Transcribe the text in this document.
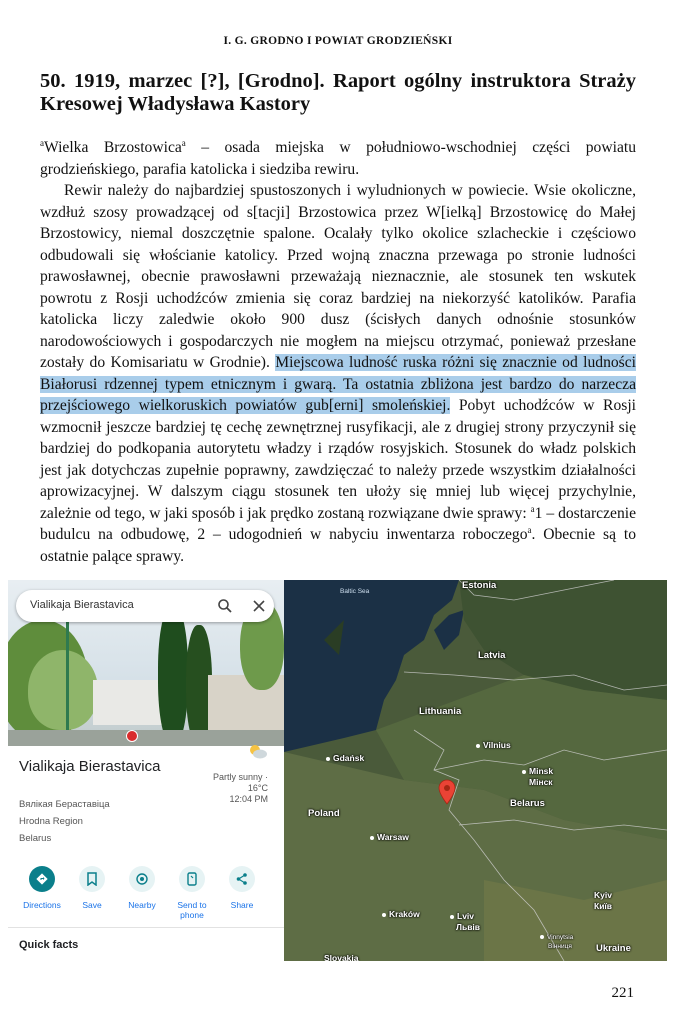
I. G. GRODNO I POWIAT GRODZIEŃSKI
50. 1919, marzec [?], [Grodno]. Raport ogólny instruktora Straży Kresowej Władysława Kastory

$^a$Wielka Brzostowica$^a$ – osada miejska w południowo-wschodniej części powiatu grodzieńskiego, parafia katolicka i siedziba rewiru.

Rewir należy do najbardziej spustoszonych i wyludnionych w powiecie. Wsie okoliczne, wzdłuż szosy prowadzącej od s[tacji] Brzostowica przez W[ielką] Brzostowicę do Małej Brzostowicy, niemal doszczętnie spalone. Ocalały tylko okolice szlacheckie i częściowo odbudowali się włościanie katolicy. Przed wojną znaczna przewaga po stronie ludności prawosławnej, obecnie prawosławni przeważają nieznacznie, ale stosunek ten wskutek powrotu z Rosji uchodźców zmienia się coraz bardziej na niekorzyść katolików. Parafia katolicka liczy zaledwie około 900 dusz (ścisłych danych odnośnie stosunków narodowościowych i gospodarczych nie mogłem na miejscu otrzymać, ponieważ przesłane zostały do Komisariatu w Grodnie). Miejscowa ludność ruska różni się znacznie od ludności Białorusi rdzennej typem etnicznym i gwarą. Ta ostatnia zbliżona jest bardzo do narzecza przejściowego wielkoruskich powiatów gub[erni] smoleńskiej. Pobyt uchodźców w Rosji wzmocnił jeszcze bardziej tę cechę zewnętrznej rusyfikacji, ale z drugiej strony przyczynił się bardziej do podkopania autorytetu władzy i rządów rosyjskich. Stosunek do władz polskich jest jak dotychczas zupełnie poprawny, zawdzięczać to należy przede wszystkim działalności aprowizacyjnej. W dalszym ciągu stosunek ten ułoży się mniej lub więcej przychylnie, zależnie od tego, w jaki sposób i jak prędko zostaną rozwiązane dwie sprawy: $^a$1 – dostarczenie budulcu na odbudowę, 2 – udogodnień w nabyciu inwentarza roboczego$^a$. Obecnie są to ostatnie palące sprawy.

Vialikaja Bierastavica
Vialikaja Bierastavica
Вялікая Бераставіца
Hrodna Region
Belarus
Partly sunny ·
16°C
12:04 PM
Directions	Save	Nearby	Send to phone
Share
Quick facts
Estonia
Baltic Sea
Latvia
Lithuania
Vilnius
Gdańsk
Minsk
Мінск
Belarus
Poland
Warsaw
Kyiv
Київ
Kraków	Lviv
Львів
Vinnytsia
Вінниця	Ukraine
Slovakia
221
